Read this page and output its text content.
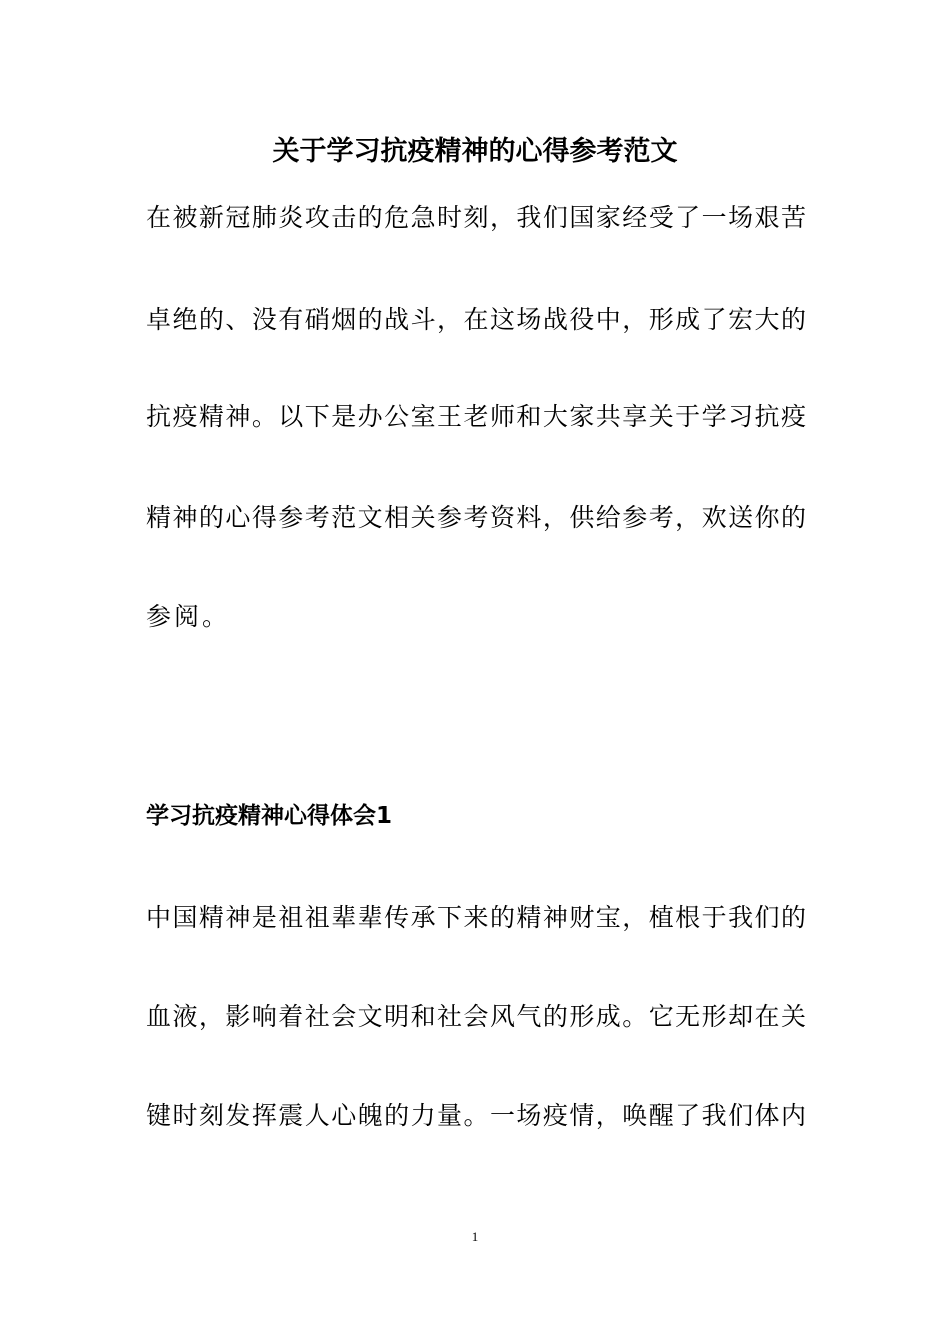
关于学习抗疫精神的心得参考范文

在被新冠肺炎攻击的危急时刻，我们国家经受了一场艰苦

卓绝的、没有硝烟的战斗，在这场战役中，形成了宏大的

抗疫精神。以下是办公室王老师和大家共享关于学习抗疫

精神的心得参考范文相关参考资料，供给参考，欢送你的

参阅。

学习抗疫精神心得体会1

中国精神是祖祖辈辈传承下来的精神财宝，植根于我们的

血液，影响着社会文明和社会风气的形成。它无形却在关

键时刻发挥震人心魄的力量。一场疫情，唤醒了我们体内

1
